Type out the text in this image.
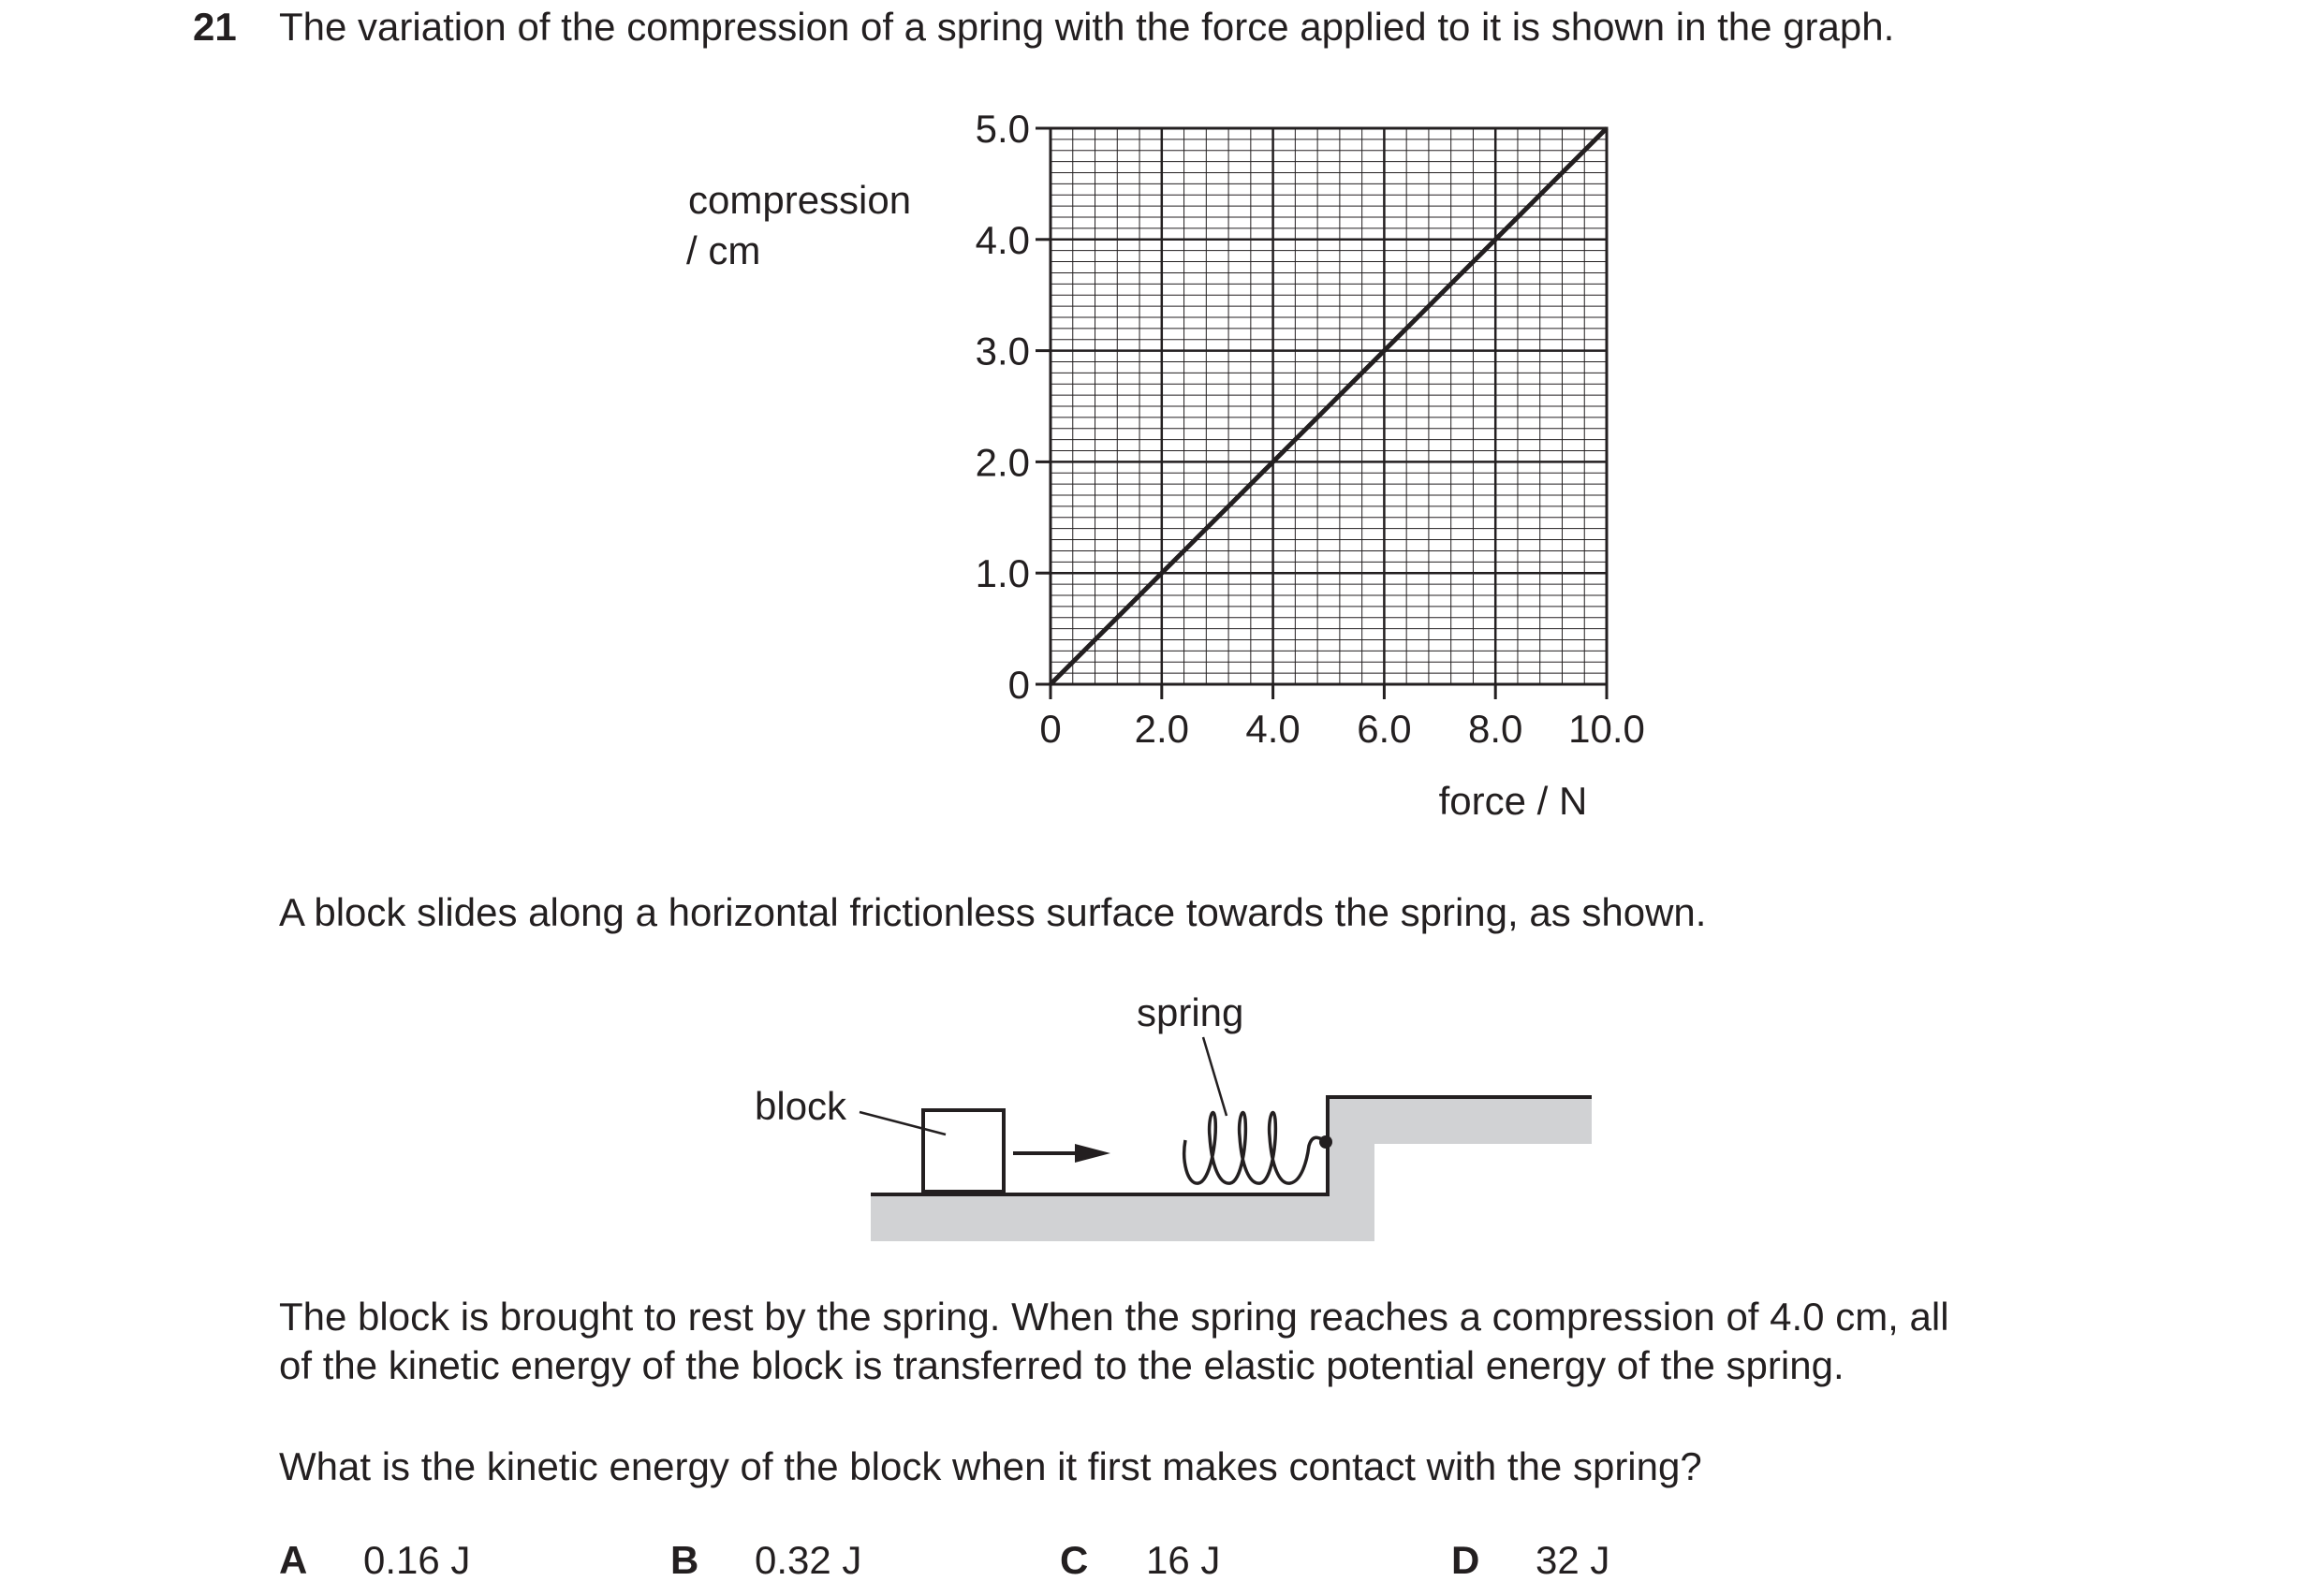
21 The variation of the compression of a spring with the force applied to it is shown in the graph.
0 2.0 4.0 6.0 8.0 10.0
0
1.0
2.0
3.0
4.0
5.0
compression
/ cm
force / N
A block slides along a horizontal frictionless surface towards the spring, as shown.
block
spring
The block is brought to rest by the spring. When the spring reaches a compression of 4.0 cm, all
of the kinetic energy of the block is transferred to the elastic potential energy of the spring.
What is the kinetic energy of the block when it first makes contact with the spring?
A 0.16 J	B 0.32 J	C 16 J	D 32 J
